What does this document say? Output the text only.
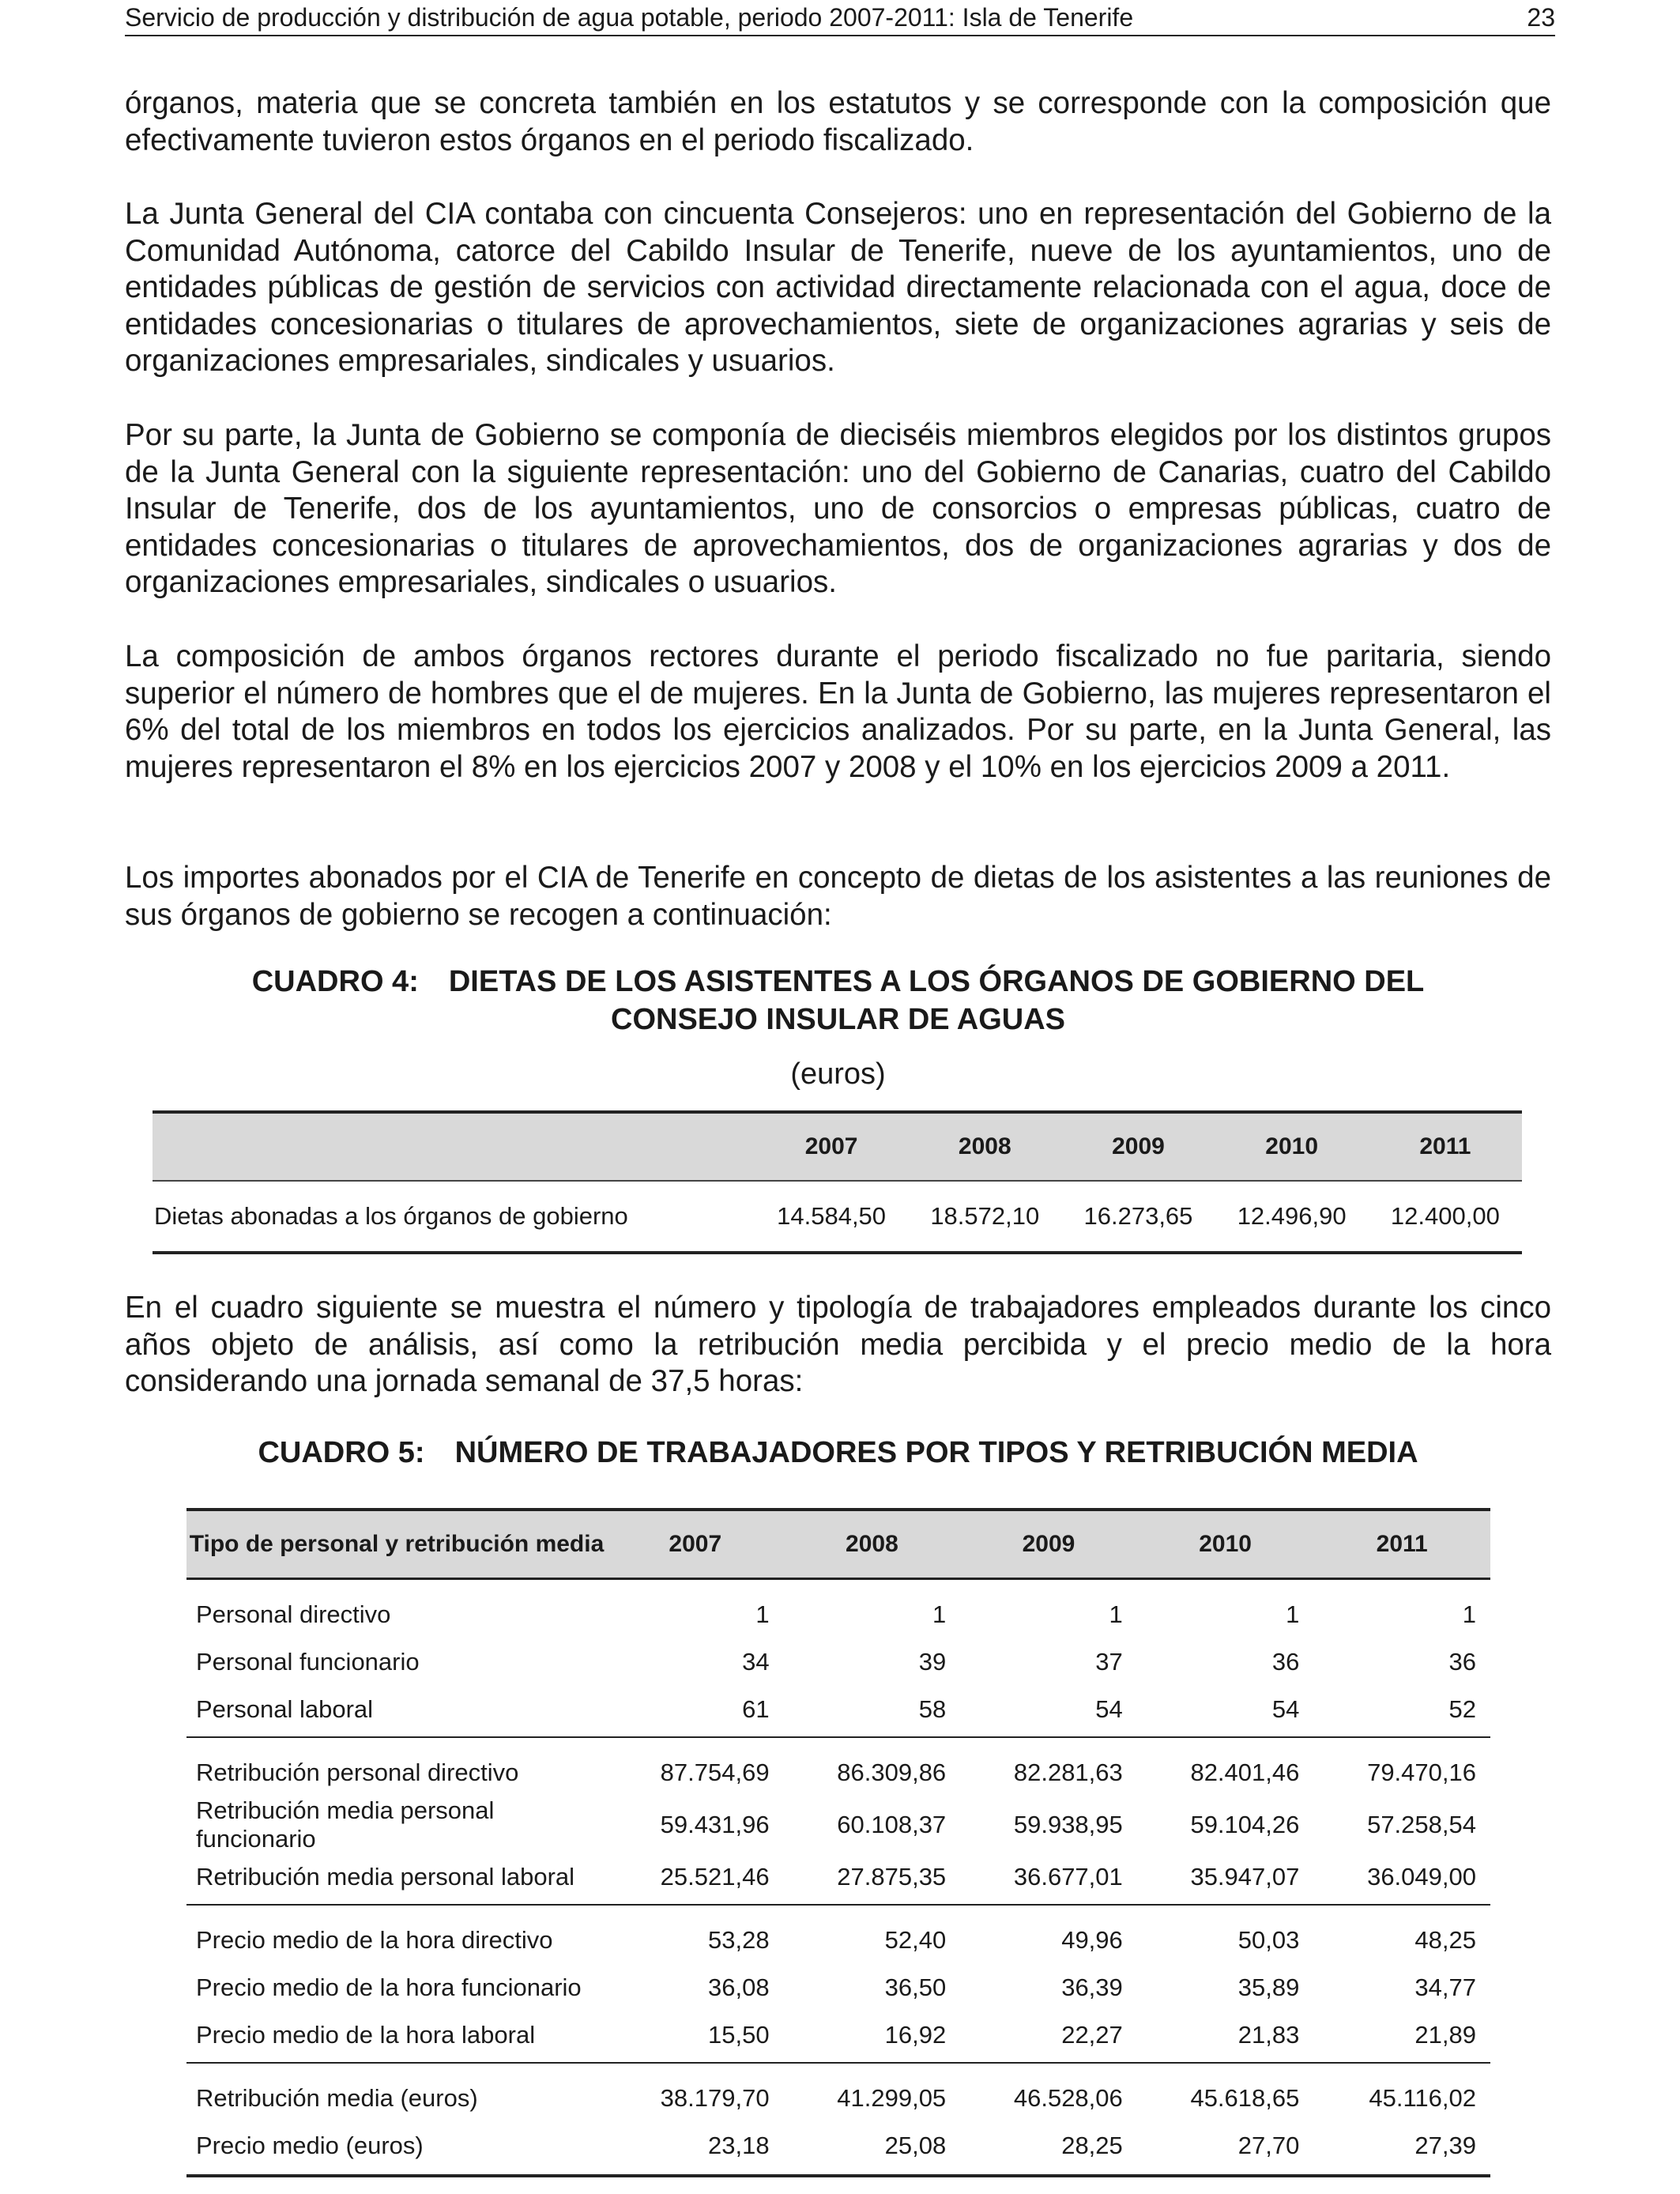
Servicio de producción y distribución de agua potable, periodo 2007-2011: Isla de Tenerife	23

órganos, materia que se concreta también en los estatutos y se corresponde con la composición que efectivamente tuvieron estos órganos en el periodo fiscalizado.

La Junta General del CIA contaba con cincuenta Consejeros: uno en representación del Gobierno de la Comunidad Autónoma, catorce del Cabildo Insular de Tenerife, nueve de los ayuntamientos, uno de entidades públicas de gestión de servicios con actividad directamente relacionada con el agua, doce de entidades concesionarias o titulares de aprovechamientos, siete de organizaciones agrarias y seis de organizaciones empresariales, sindicales y usuarios.

Por su parte, la Junta de Gobierno se componía de dieciséis miembros elegidos por los distintos grupos de la Junta General con la siguiente representación: uno del Gobierno de Canarias, cuatro del Cabildo Insular de Tenerife, dos de los ayuntamientos, uno de consorcios o empresas públicas, cuatro de entidades concesionarias o titulares de aprovechamientos, dos de organizaciones agrarias y dos de organizaciones empresariales, sindicales o usuarios.

La composición de ambos órganos rectores durante el periodo fiscalizado no fue paritaria, siendo superior el número de hombres que el de mujeres. En la Junta de Gobierno, las mujeres representaron el 6% del total de los miembros en todos los ejercicios analizados. Por su parte, en la Junta General, las mujeres representaron el 8% en los ejercicios 2007 y 2008 y el 10% en los ejercicios 2009 a 2011.

Los importes abonados por el CIA de Tenerife en concepto de dietas de los asistentes a las reuniones de sus órganos de gobierno se recogen a continuación:

CUADRO 4: DIETAS DE LOS ASISTENTES A LOS ÓRGANOS DE GOBIERNO DEL
CONSEJO INSULAR DE AGUAS
(euros)
	2007	2008	2009	2010	2011
Dietas abonadas a los órganos de gobierno	14.584,50	18.572,10	16.273,65	12.496,90	12.400,00

En el cuadro siguiente se muestra el número y tipología de trabajadores empleados durante los cinco años objeto de análisis, así como la retribución media percibida y el precio medio de la hora considerando una jornada semanal de 37,5 horas:

CUADRO 5: NÚMERO DE TRABAJADORES POR TIPOS Y RETRIBUCIÓN MEDIA
Tipo de personal y retribución media	2007	2008	2009	2010	2011
Personal directivo	1	1	1	1	1
Personal funcionario	34	39	37	36	36
Personal laboral	61	58	54	54	52
Retribución personal directivo	87.754,69	86.309,86	82.281,63	82.401,46	79.470,16
Retribución media personal funcionario	59.431,96	60.108,37	59.938,95	59.104,26	57.258,54
Retribución media personal laboral	25.521,46	27.875,35	36.677,01	35.947,07	36.049,00
Precio medio de la hora directivo	53,28	52,40	49,96	50,03	48,25
Precio medio de la hora funcionario	36,08	36,50	36,39	35,89	34,77
Precio medio de la hora laboral	15,50	16,92	22,27	21,83	21,89
Retribución media (euros)	38.179,70	41.299,05	46.528,06	45.618,65	45.116,02
Precio medio (euros)	23,18	25,08	28,25	27,70	27,39
